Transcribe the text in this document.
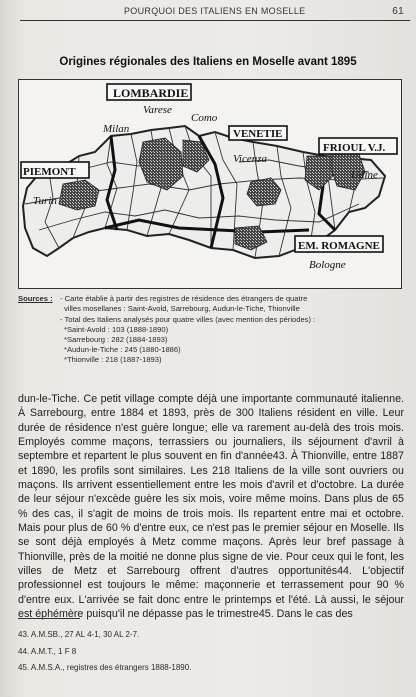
POURQUOI DES ITALIENS EN MOSELLE	61
Origines régionales des Italiens en Moselle avant 1895
LOMBARDIE
Varese
Como
Milan	VENETIE
FRIOUL V.J.
PIEMONT
Vicenza
Udine
Turin
EM. ROMAGNE
Bologne
Sources : - Carte établie à partir des registres de résidence des étrangers de quatre
villes mosellanes : Saint-Avold, Sarrebourg, Audun-le-Tiche, Thionville
- Total des Italiens analysés pour quatre villes (avec mention des périodes) :
*Saint-Avold : 103 (1888-1890)
*Sarrebourg : 282 (1884-1893)
*Audun-le-Tiche : 245 (1880-1886)
*Thionville : 218 (1887-1893)

dun-le-Tiche. Ce petit village compte déjà une importante communauté italienne. À Sarrebourg, entre 1884 et 1893, près de 300 Italiens résident en ville. Leur durée de résidence n'est guère longue; elle va rarement au-delà des trois mois. Employés comme maçons, terrassiers ou journaliers, ils séjournent d'avril à septembre et repartent le plus souvent en fin d'année43. À Thionville, entre 1887 et 1890, les profils sont similaires. Les 218 Italiens de la ville sont ouvriers ou maçons. Ils arrivent essentiellement entre les mois d'avril et d'octobre. La durée de leur séjour n'excède guère les six mois, voire même moins. Dans plus de 65 % des cas, il s'agit de moins de trois mois. Ils repartent entre mai et octobre. Mais pour plus de 60 % d'entre eux, ce n'est pas le premier séjour en Moselle. Ils se sont déjà employés à Metz comme maçons. Après leur bref passage à Thionville, près de la moitié ne donne plus signe de vie. Pour ceux qui le font, les villes de Metz et Sarrebourg offrent d'autres opportunités44. L'objectif professionnel est toujours le même: maçonnerie et terrassement pour 90 % d'entre eux. L'arrivée se fait donc entre le printemps et l'été. Là aussi, le séjour est éphémère puisqu'il ne dépasse pas le trimestre45. Dans le cas des

43. A.M.SB., 27 AL 4-1, 30 AL 2-7.
44. A.M.T., 1 F 8
45. A.M.S.A., registres des étrangers 1888-1890.
